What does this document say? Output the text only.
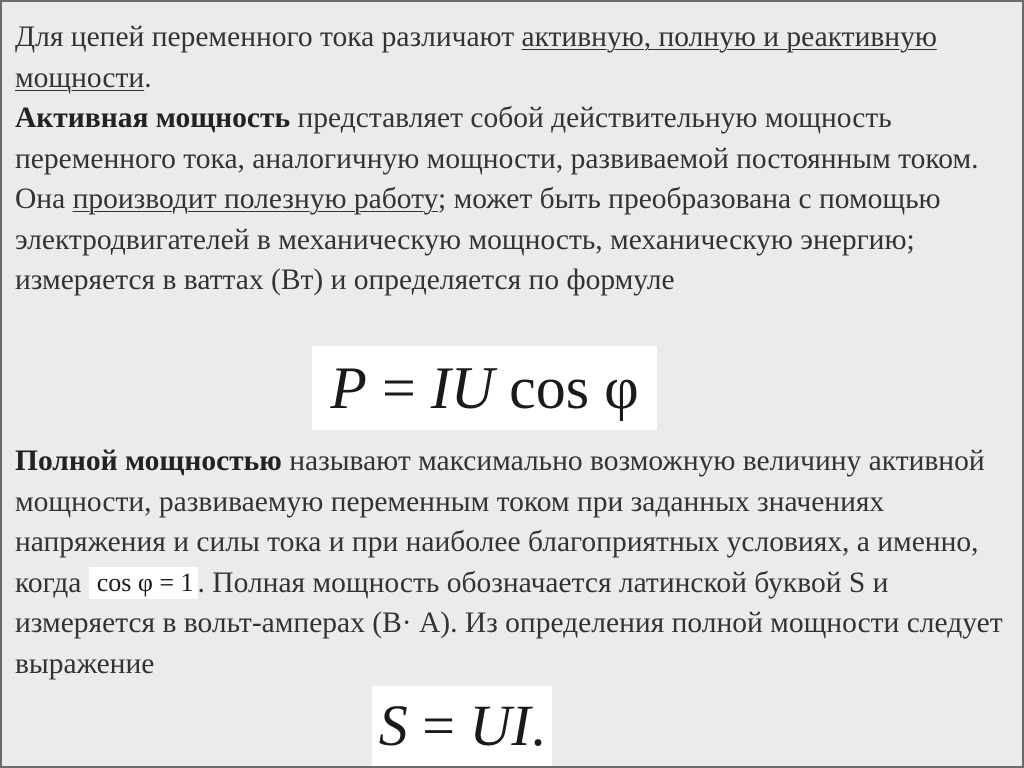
Для цепей переменного тока различают активную, полную и реактивную мощности.
Активная мощность представляет собой действительную мощность переменного тока, аналогичную мощности, развиваемой постоянным током. Она производит полезную работу; может быть преобразована с помощью электродвигателей в механическую мощность, механическую энергию; измеряется в ваттах (Вт) и определяется по формуле

P = IU cos φ

Полной мощностью называют максимально возможную величину активной мощности, развиваемую переменным током при заданных значениях напряжения и силы тока и при наиболее благоприятных условиях, а именно, когда cos φ = 1 . Полная мощность обозначается латинской буквой S и измеряется в вольт-амперах (В· А). Из определения полной мощности следует выражение

S = UI .
